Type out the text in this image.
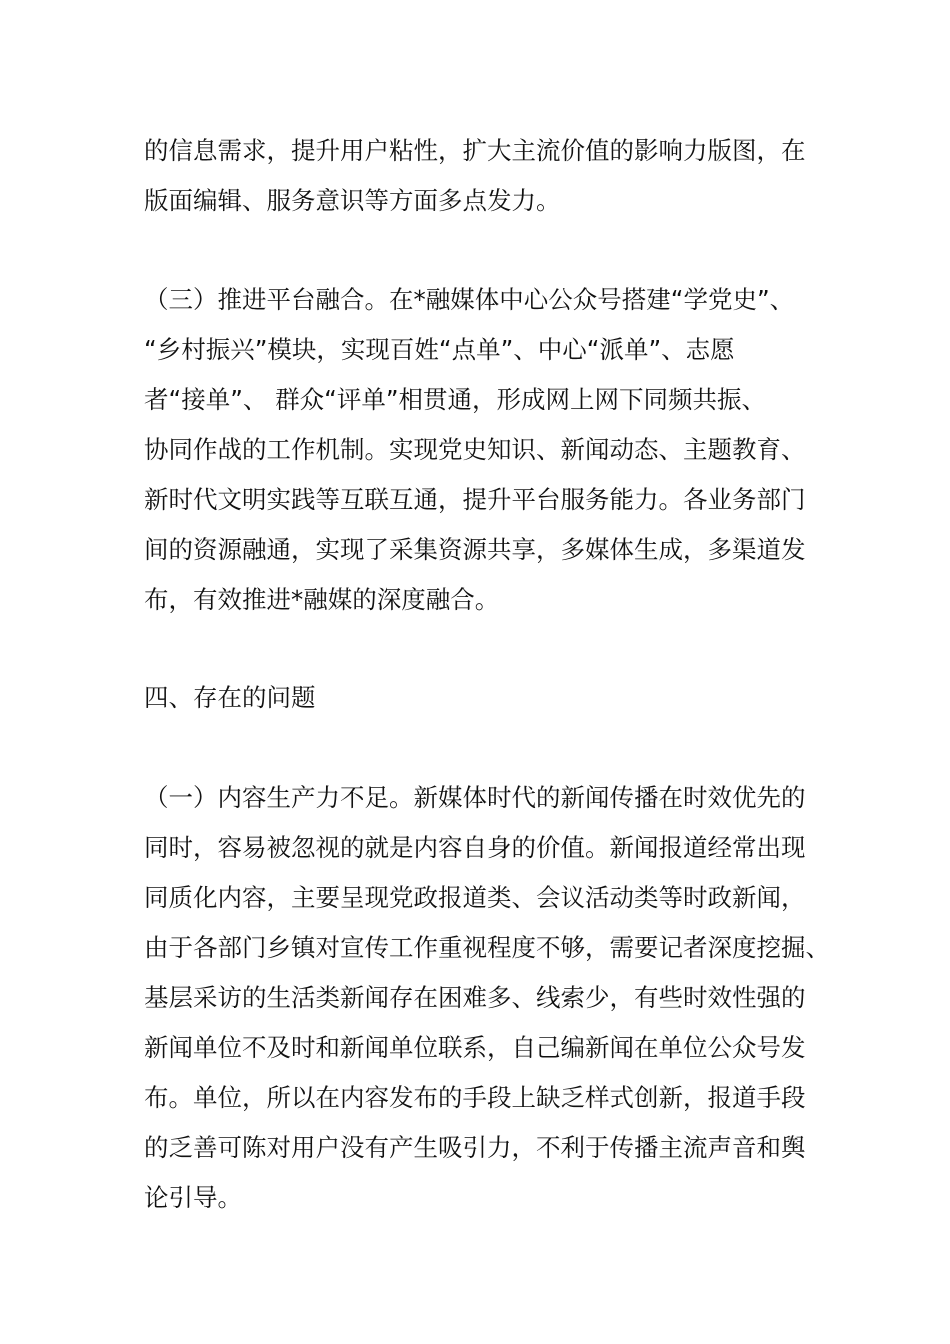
的信息需求，提升用户粘性，扩大主流价值的影响力版图，在
版面编辑、服务意识等方面多点发力。
（三）推进平台融合。在*融媒体中心公众号搭建“学党史”、
“乡村振兴”模块，实现百姓“点单”、中心“派单”、志愿
者“接单”、 群众“评单”相贯通，形成网上网下同频共振、
协同作战的工作机制。实现党史知识、新闻动态、主题教育、
新时代文明实践等互联互通，提升平台服务能力。各业务部门
间的资源融通，实现了采集资源共享，多媒体生成，多渠道发
布，有效推进*融媒的深度融合。
四、存在的问题
（一）内容生产力不足。新媒体时代的新闻传播在时效优先的
同时，容易被忽视的就是内容自身的价值。新闻报道经常出现
同质化内容，主要呈现党政报道类、会议活动类等时政新闻，
由于各部门乡镇对宣传工作重视程度不够，需要记者深度挖掘、
基层采访的生活类新闻存在困难多、线索少，有些时效性强的
新闻单位不及时和新闻单位联系，自己编新闻在单位公众号发
布。单位，所以在内容发布的手段上缺乏样式创新，报道手段
的乏善可陈对用户没有产生吸引力，不利于传播主流声音和舆
论引导。
